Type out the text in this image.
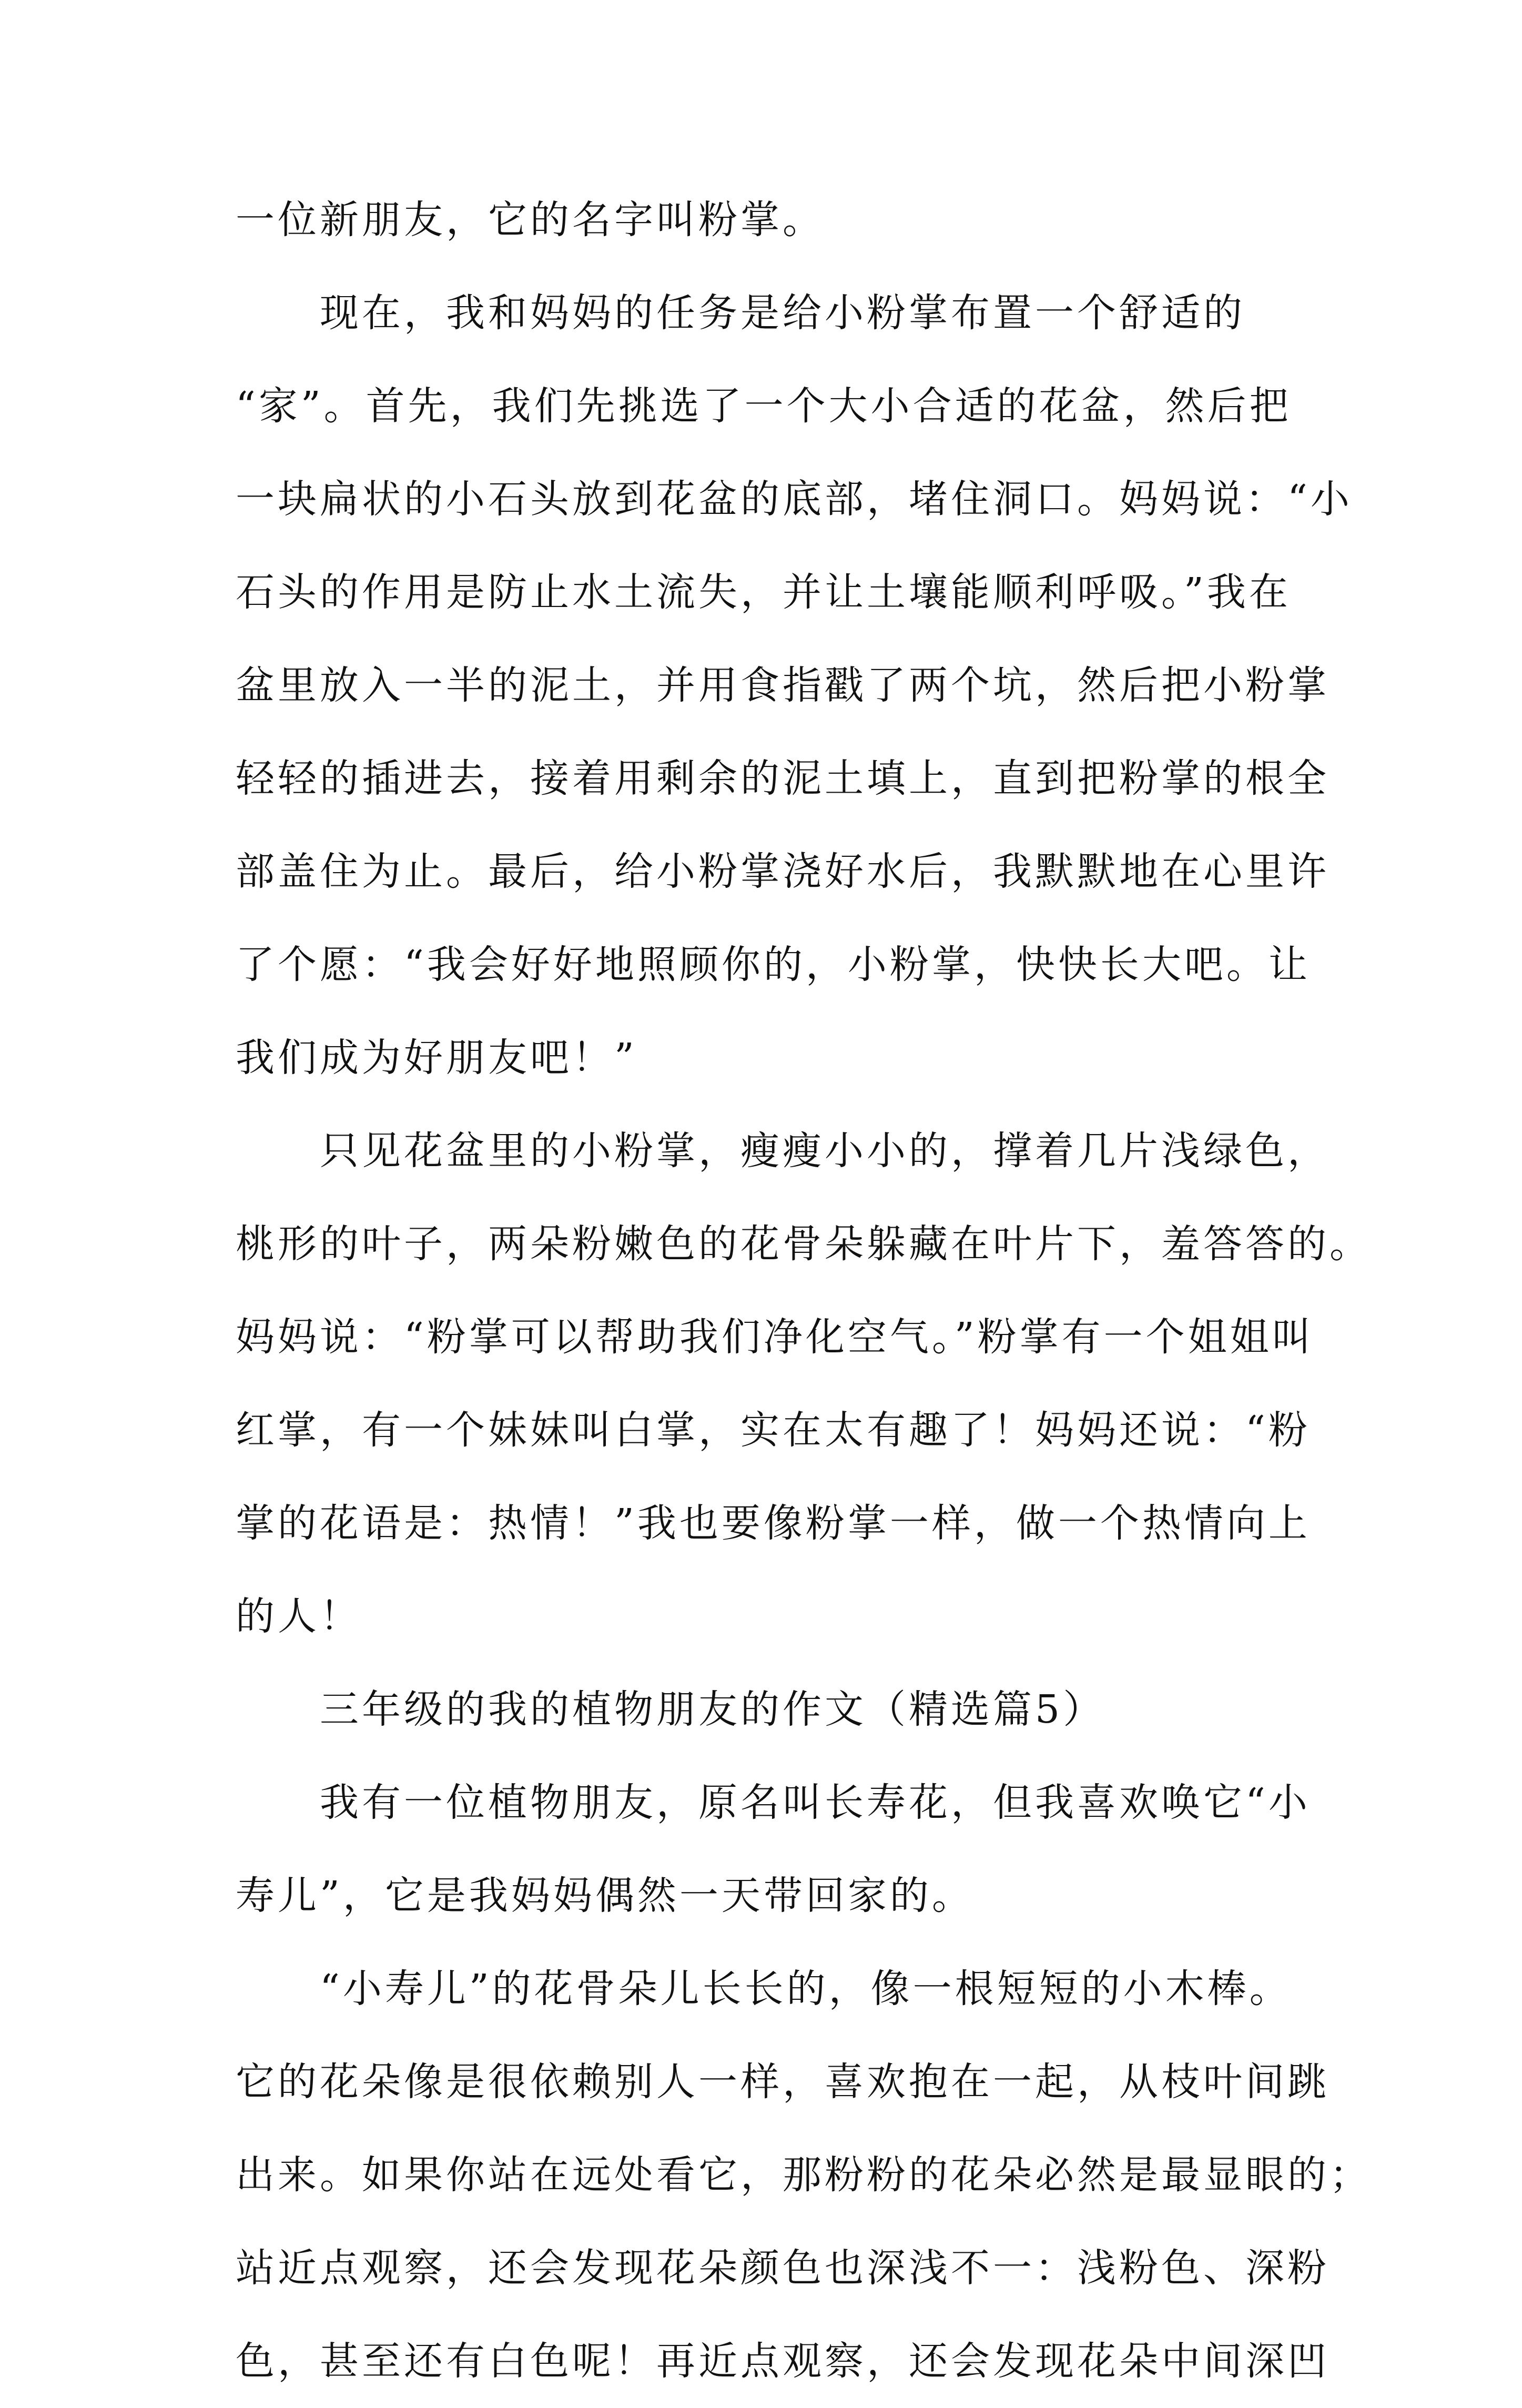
一位新朋友，它的名字叫粉掌。
现在，我和妈妈的任务是给小粉掌布置一个舒适的
“家”。首先，我们先挑选了一个大小合适的花盆，然后把
一块扁状的小石头放到花盆的底部，堵住洞口。妈妈说：“小
石头的作用是防止水土流失，并让土壤能顺利呼吸。”我在
盆里放入一半的泥土，并用食指戳了两个坑，然后把小粉掌
轻轻的插进去，接着用剩余的泥土填上，直到把粉掌的根全
部盖住为止。最后，给小粉掌浇好水后，我默默地在心里许
了个愿：“我会好好地照顾你的，小粉掌，快快长大吧。让
我们成为好朋友吧！”
只见花盆里的小粉掌，瘦瘦小小的，撑着几片浅绿色，
桃形的叶子，两朵粉嫩色的花骨朵躲藏在叶片下，羞答答的。
妈妈说：“粉掌可以帮助我们净化空气。”粉掌有一个姐姐叫
红掌，有一个妹妹叫白掌，实在太有趣了！妈妈还说：“粉
掌的花语是：热情！”我也要像粉掌一样，做一个热情向上
的人！
三年级的我的植物朋友的作文（精选篇5）
我有一位植物朋友，原名叫长寿花，但我喜欢唤它“小
寿儿”，它是我妈妈偶然一天带回家的。
“小寿儿”的花骨朵儿长长的，像一根短短的小木棒。
它的花朵像是很依赖别人一样，喜欢抱在一起，从枝叶间跳
出来。如果你站在远处看它，那粉粉的花朵必然是最显眼的；
站近点观察，还会发现花朵颜色也深浅不一：浅粉色、深粉
色，甚至还有白色呢！再近点观察，还会发现花朵中间深凹
